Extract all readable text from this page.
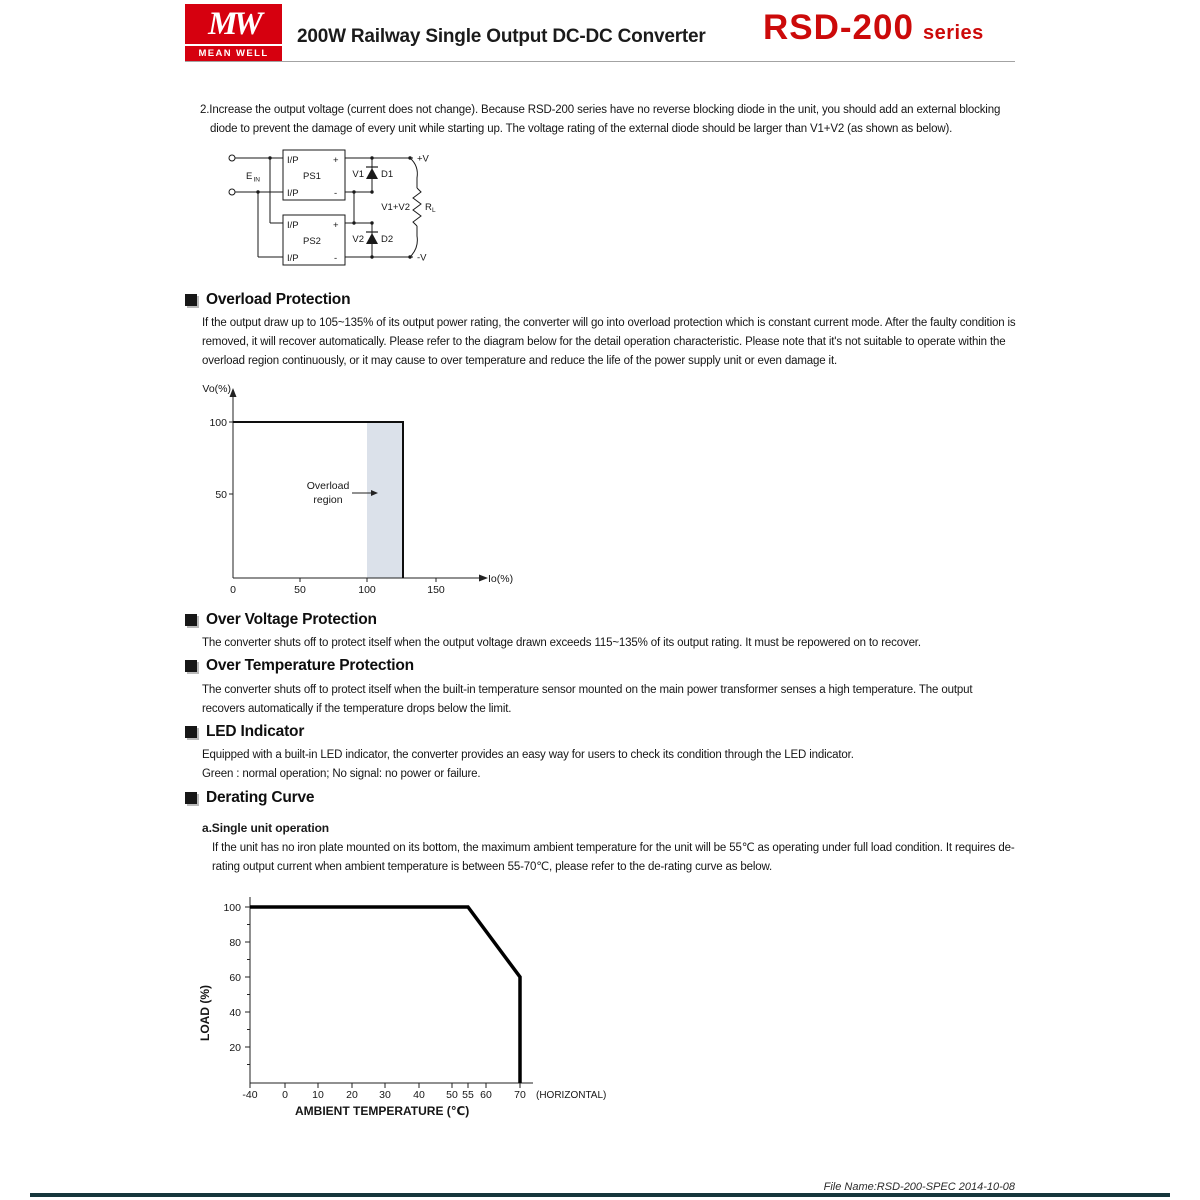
MW
MEAN WELL
200W Railway Single Output DC-DC Converter RSD-200 series
2.Increase the output voltage (current does not change). Because RSD-200 series have no reverse blocking diode in the unit, you should add an external blocking diode to prevent the damage of every unit while starting up. The voltage rating of the external diode should be larger than V1+V2 (as shown as below).
E IN
I/P	+
PS1
I/P	-
I/P	+
PS2
I/P	-
V1 D1
V2 D2
V1+V2 R L
+V
-V
Overload Protection
If the output draw up to 105~135% of its output power rating, the converter will go into overload protection which is constant current mode. After the faulty condition is removed, it will recover automatically. Please refer to the diagram below for the detail operation characteristic. Please note that it's not suitable to operate within the overload region continuously, or it may cause to over temperature and reduce the life of the power supply unit or even damage it.
Vo(%)
100
50
0	50	100	150
Io(%)
Overload
region
Over Voltage Protection
The converter shuts off to protect itself when the output voltage drawn exceeds 115~135% of its output rating. It must be repowered on to recover.
Over Temperature Protection
The converter shuts off to protect itself when the built-in temperature sensor mounted on the main power transformer senses a high temperature. The output recovers automatically if the temperature drops below the limit.
LED Indicator
Equipped with a built-in LED indicator, the converter provides an easy way for users to check its condition through the LED indicator.
Green : normal operation; No signal: no power or failure.
Derating Curve
a.Single unit operation
If the unit has no iron plate mounted on its bottom, the maximum ambient temperature for the unit will be 55℃ as operating under full load condition. It requires de-rating output current when ambient temperature is between 55-70℃, please refer to the de-rating curve as below.
100
80
60
40
20
-40 0 10 20 30 40 50 55 60 70 (HORIZONTAL)
LOAD (%)
AMBIENT TEMPERATURE (℃)
File Name:RSD-200-SPEC 2014-10-08
